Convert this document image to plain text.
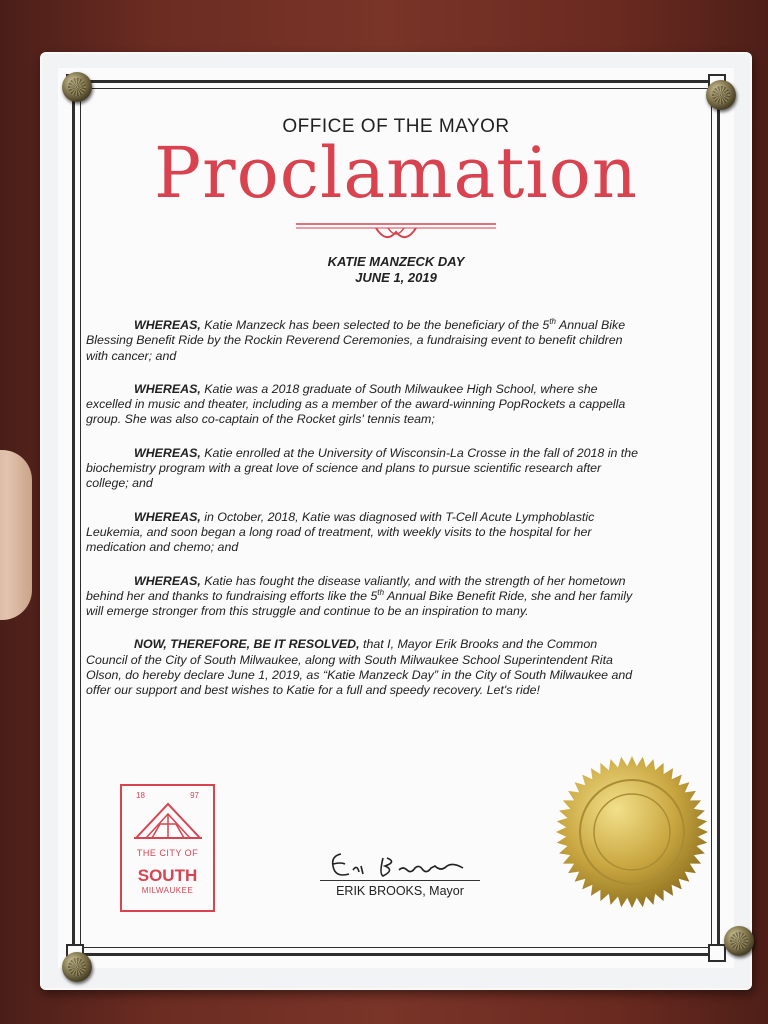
OFFICE OF THE MAYOR
Proclamation
KATIE MANZECK DAY
JUNE 1, 2019

WHEREAS, Katie Manzeck has been selected to be the beneficiary of the 5th Annual Bike Blessing Benefit Ride by the Rockin Reverend Ceremonies, a fundraising event to benefit children with cancer; and

WHEREAS, Katie was a 2018 graduate of South Milwaukee High School, where she excelled in music and theater, including as a member of the award-winning PopRockets a cappella group. She was also co-captain of the Rocket girls' tennis team;

WHEREAS, Katie enrolled at the University of Wisconsin-La Crosse in the fall of 2018 in the biochemistry program with a great love of science and plans to pursue scientific research after college; and

WHEREAS, in October, 2018, Katie was diagnosed with T-Cell Acute Lymphoblastic Leukemia, and soon began a long road of treatment, with weekly visits to the hospital for her medication and chemo; and

WHEREAS, Katie has fought the disease valiantly, and with the strength of her hometown behind her and thanks to fundraising efforts like the 5th Annual Bike Benefit Ride, she and her family will emerge stronger from this struggle and continue to be an inspiration to many.

NOW, THEREFORE, BE IT RESOLVED, that I, Mayor Erik Brooks and the Common Council of the City of South Milwaukee, along with South Milwaukee School Superintendent Rita Olson, do hereby declare June 1, 2019, as “Katie Manzeck Day” in the City of South Milwaukee and offer our support and best wishes to Katie for a full and speedy recovery. Let's ride!

18	97
THE CITY OF
SOUTH
MILWAUKEE	ERIK BROOKS, Mayor
